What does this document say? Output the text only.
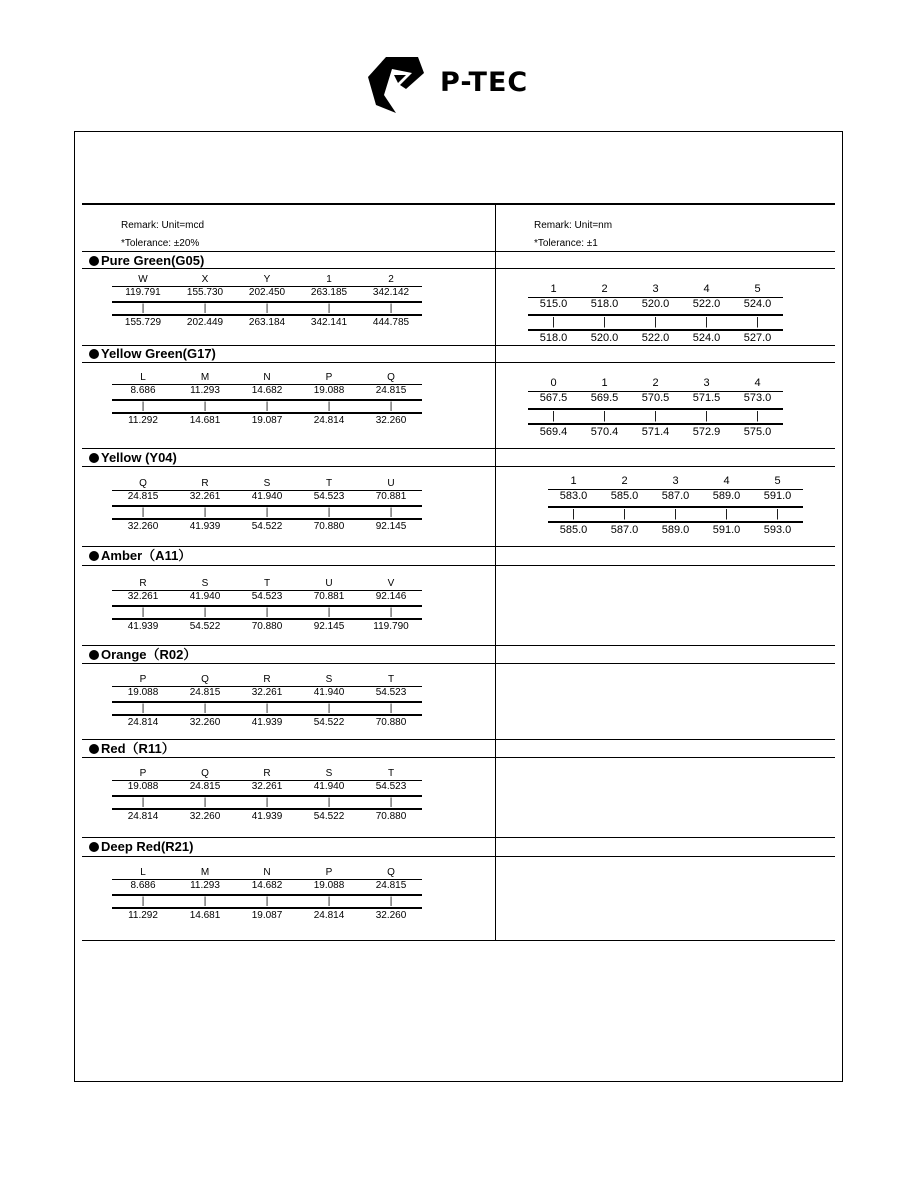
P-TEC
Remark: Unit=mcd
*Tolerance: ±20%
Remark: Unit=nm
*Tolerance: ±1
Pure Green(G05)
W	X	Y	1	2
119.791	155.730	202.450	263.185	342.142
|	|	|	|	|
155.729	202.449	263.184	342.141	444.785
1	2	3	4	5
515.0	518.0	520.0	522.0	524.0
|	|	|	|	|
518.0	520.0	522.0	524.0	527.0
Yellow Green(G17)
L	M	N	P	Q
8.686	11.293	14.682	19.088	24.815
|	|	|	|	|
11.292	14.681	19.087	24.814	32.260
0	1	2	3	4
567.5	569.5	570.5	571.5	573.0
|	|	|	|	|
569.4	570.4	571.4	572.9	575.0
Yellow (Y04)
Q	R	S	T	U
24.815	32.261	41.940	54.523	70.881
|	|	|	|	|
32.260	41.939	54.522	70.880	92.145
1	2	3	4	5
583.0	585.0	587.0	589.0	591.0
|	|	|	|	|
585.0	587.0	589.0	591.0	593.0
Amber（A11）
R	S	T	U	V
32.261	41.940	54.523	70.881	92.146
|	|	|	|	|
41.939	54.522	70.880	92.145	119.790
Orange（R02）
P	Q	R	S	T
19.088	24.815	32.261	41.940	54.523
|	|	|	|	|
24.814	32.260	41.939	54.522	70.880
Red（R11）
P	Q	R	S	T
19.088	24.815	32.261	41.940	54.523
|	|	|	|	|
24.814	32.260	41.939	54.522	70.880
Deep Red(R21)
L	M	N	P	Q
8.686	11.293	14.682	19.088	24.815
|	|	|	|	|
11.292	14.681	19.087	24.814	32.260
